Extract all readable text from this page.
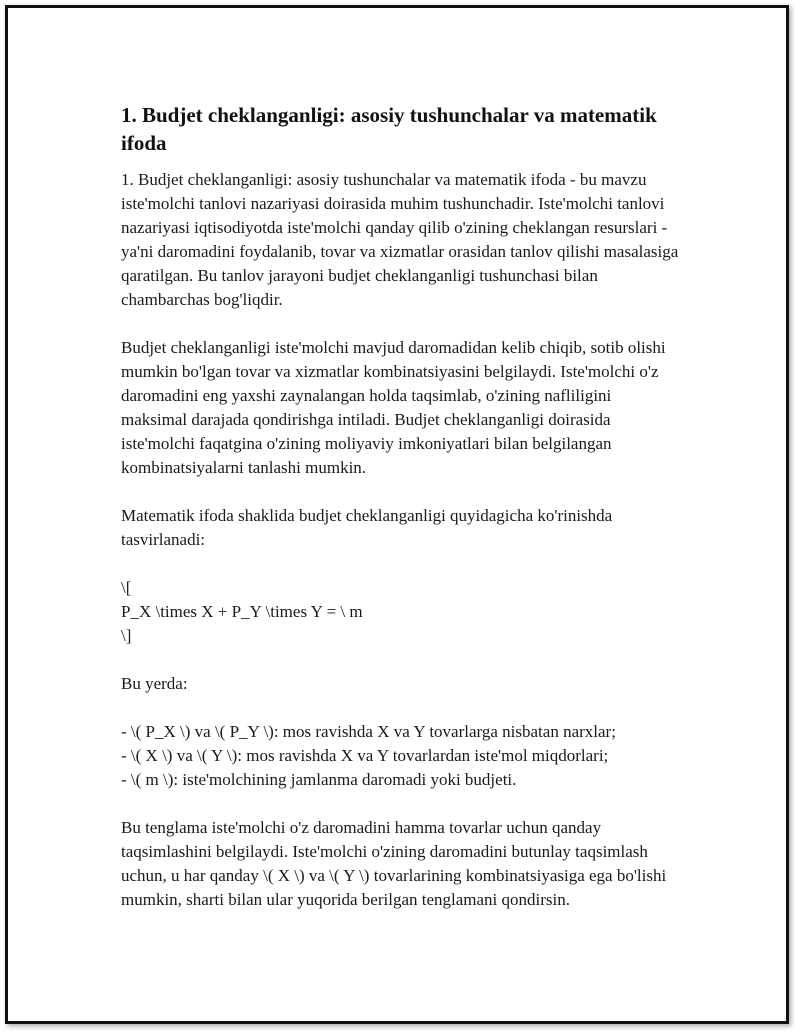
1. Budjet cheklanganligi: asosiy tushunchalar va matematik ifoda

1. Budjet cheklanganligi: asosiy tushunchalar va matematik ifoda - bu mavzu iste'molchi tanlovi nazariyasi doirasida muhim tushunchadir. Iste'molchi tanlovi nazariyasi iqtisodiyotda iste'molchi qanday qilib o'zining cheklangan resurslari - ya'ni daromadini foydalanib, tovar va xizmatlar orasidan tanlov qilishi masalasiga qaratilgan. Bu tanlov jarayoni budjet cheklanganligi tushunchasi bilan chambarchas bog'liqdir.

Budjet cheklanganligi iste'molchi mavjud daromadidan kelib chiqib, sotib olishi mumkin bo'lgan tovar va xizmatlar kombinatsiyasini belgilaydi. Iste'molchi o'z daromadini eng yaxshi zaynalangan holda taqsimlab, o'zining nafliligini maksimal darajada qondirishga intiladi. Budjet cheklanganligi doirasida iste'molchi faqatgina o'zining moliyaviy imkoniyatlari bilan belgilangan kombinatsiyalarni tanlashi mumkin.

Matematik ifoda shaklida budjet cheklanganligi quyidagicha ko'rinishda tasvirlanadi:

\[
P_X \times X + P_Y \times Y = \ m
\]

Bu yerda:

- \( P_X \) va \( P_Y \): mos ravishda X va Y tovarlarga nisbatan narxlar;
- \( X \) va \( Y \): mos ravishda X va Y tovarlardan iste'mol miqdorlari;
- \( m \): iste'molchining jamlanma daromadi yoki budjeti.

Bu tenglama iste'molchi o'z daromadini hamma tovarlar uchun qanday taqsimlashini belgilaydi. Iste'molchi o'zining daromadini butunlay taqsimlash uchun, u har qanday \( X \) va \( Y \) tovarlarining kombinatsiyasiga ega bo'lishi mumkin, sharti bilan ular yuqorida berilgan tenglamani qondirsin.
